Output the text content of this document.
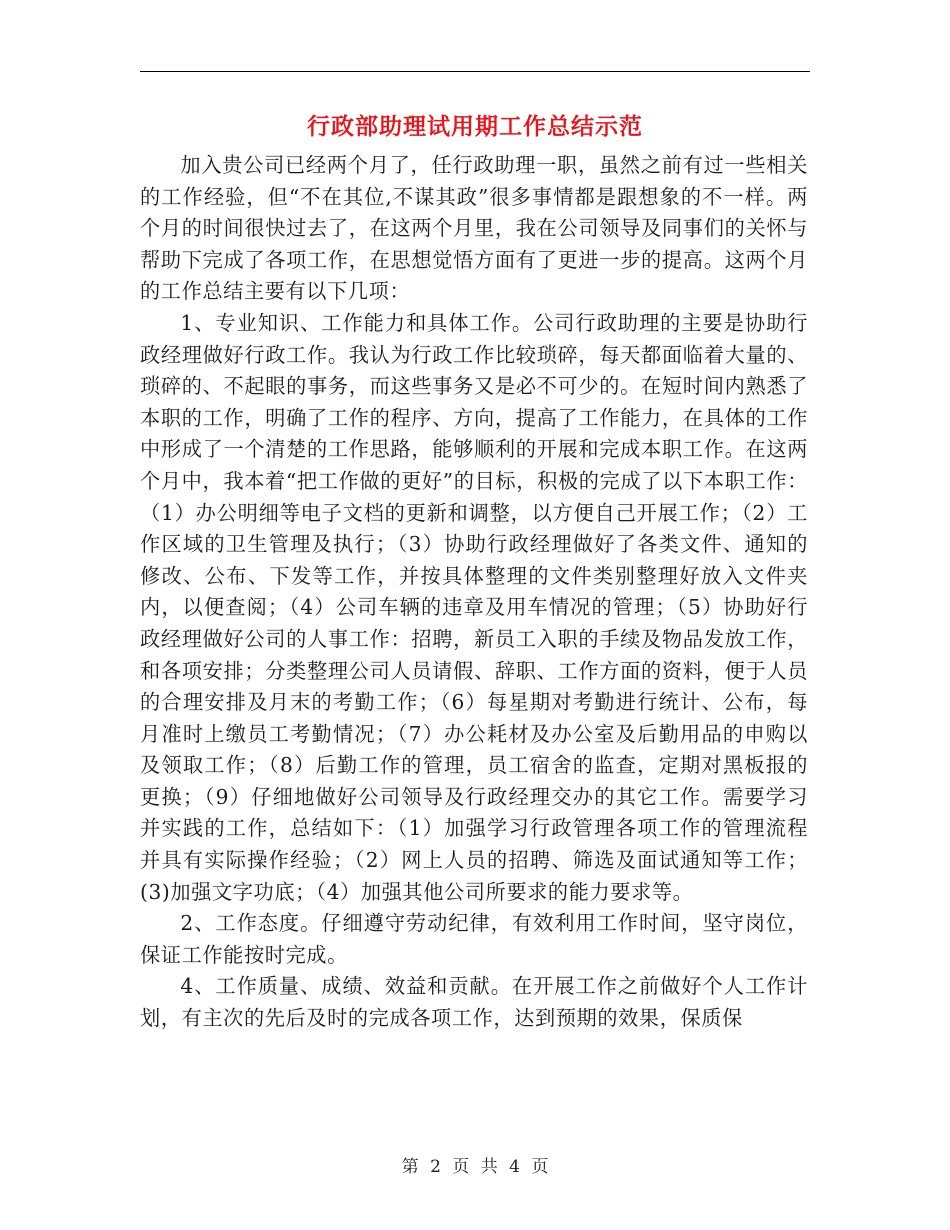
行政部助理试用期工作总结示范

加入贵公司已经两个月了，任行政助理一职，虽然之前有过一些相关的工作经验，但“不在其位,不谋其政”很多事情都是跟想象的不一样。两个月的时间很快过去了，在这两个月里，我在公司领导及同事们的关怀与帮助下完成了各项工作，在思想觉悟方面有了更进一步的提高。这两个月的工作总结主要有以下几项：

1、专业知识、工作能力和具体工作。公司行政助理的主要是协助行政经理做好行政工作。我认为行政工作比较琐碎，每天都面临着大量的、琐碎的、不起眼的事务，而这些事务又是必不可少的。在短时间内熟悉了本职的工作，明确了工作的程序、方向，提高了工作能力，在具体的工作中形成了一个清楚的工作思路，能够顺利的开展和完成本职工作。在这两个月中，我本着“把工作做的更好”的目标，积极的完成了以下本职工作：（1）办公明细等电子文档的更新和调整，以方便自己开展工作；（2）工作区域的卫生管理及执行；（3）协助行政经理做好了各类文件、通知的修改、公布、下发等工作，并按具体整理的文件类别整理好放入文件夹内，以便查阅；（4）公司车辆的违章及用车情况的管理；（5）协助好行政经理做好公司的人事工作：招聘，新员工入职的手续及物品发放工作，和各项安排；分类整理公司人员请假、辞职、工作方面的资料，便于人员的合理安排及月末的考勤工作；（6）每星期对考勤进行统计、公布，每月准时上缴员工考勤情况；（7）办公耗材及办公室及后勤用品的申购以及领取工作；（8）后勤工作的管理，员工宿舍的监查，定期对黑板报的更换；（9）仔细地做好公司领导及行政经理交办的其它工作。需要学习并实践的工作，总结如下：（1）加强学习行政管理各项工作的管理流程并具有实际操作经验；（2）网上人员的招聘、筛选及面试通知等工作；(3)加强文字功底；（4）加强其他公司所要求的能力要求等。

2、工作态度。仔细遵守劳动纪律，有效利用工作时间，坚守岗位，保证工作能按时完成。

4、工作质量、成绩、效益和贡献。在开展工作之前做好个人工作计划，有主次的先后及时的完成各项工作，达到预期的效果，保质保

第 2 页 共 4 页
